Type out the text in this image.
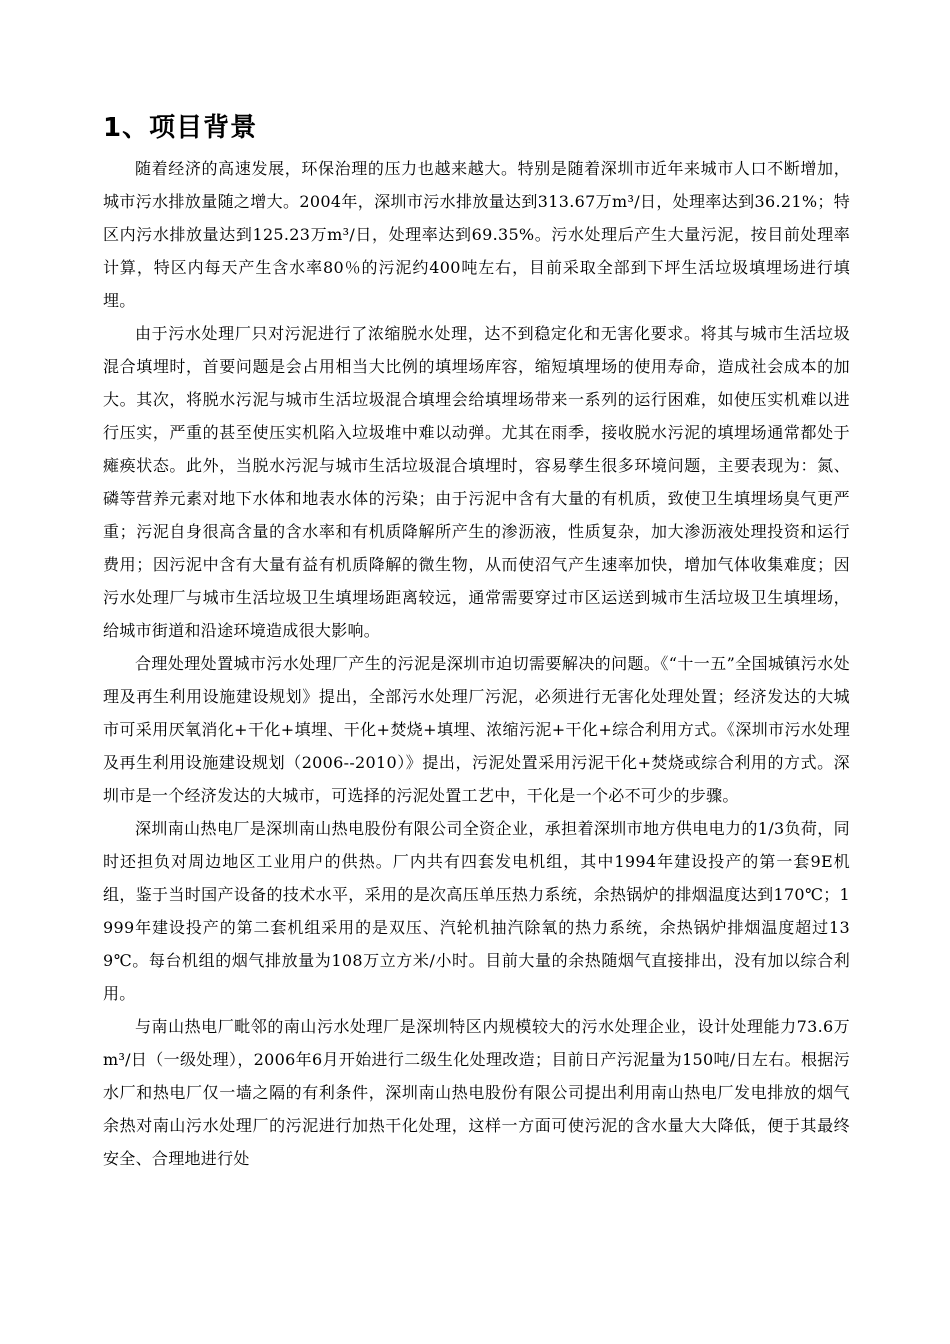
1、项目背景

随着经济的高速发展，环保治理的压力也越来越大。特别是随着深圳市近年来城市人口不断增加，城市污水排放量随之增大。2004年，深圳市污水排放量达到313.67万m³/日，处理率达到36.21%；特区内污水排放量达到125.23万m³/日，处理率达到69.35%。污水处理后产生大量污泥，按目前处理率计算，特区内每天产生含水率80％的污泥约400吨左右，目前采取全部到下坪生活垃圾填埋场进行填埋。

由于污水处理厂只对污泥进行了浓缩脱水处理，达不到稳定化和无害化要求。将其与城市生活垃圾混合填埋时，首要问题是会占用相当大比例的填埋场库容，缩短填埋场的使用寿命，造成社会成本的加大。其次，将脱水污泥与城市生活垃圾混合填埋会给填埋场带来一系列的运行困难，如使压实机难以进行压实，严重的甚至使压实机陷入垃圾堆中难以动弹。尤其在雨季，接收脱水污泥的填埋场通常都处于瘫痪状态。此外，当脱水污泥与城市生活垃圾混合填埋时，容易孳生很多环境问题，主要表现为：氮、磷等营养元素对地下水体和地表水体的污染；由于污泥中含有大量的有机质，致使卫生填埋场臭气更严重；污泥自身很高含量的含水率和有机质降解所产生的渗沥液，性质复杂，加大渗沥液处理投资和运行费用；因污泥中含有大量有益有机质降解的微生物，从而使沼气产生速率加快，增加气体收集难度；因污水处理厂与城市生活垃圾卫生填埋场距离较远，通常需要穿过市区运送到城市生活垃圾卫生填埋场，给城市街道和沿途环境造成很大影响。

合理处理处置城市污水处理厂产生的污泥是深圳市迫切需要解决的问题。《“十一五”全国城镇污水处理及再生利用设施建设规划》提出，全部污水处理厂污泥，必须进行无害化处理处置；经济发达的大城市可采用厌氧消化+干化+填埋、干化+焚烧+填埋、浓缩污泥+干化+综合利用方式。《深圳市污水处理及再生利用设施建设规划（2006--2010）》提出，污泥处置采用污泥干化+焚烧或综合利用的方式。深圳市是一个经济发达的大城市，可选择的污泥处置工艺中，干化是一个必不可少的步骤。

深圳南山热电厂是深圳南山热电股份有限公司全资企业，承担着深圳市地方供电电力的1/3负荷，同时还担负对周边地区工业用户的供热。厂内共有四套发电机组，其中1994年建设投产的第一套9E机组，鉴于当时国产设备的技术水平，采用的是次高压单压热力系统，余热锅炉的排烟温度达到170℃；1999年建设投产的第二套机组采用的是双压、汽轮机抽汽除氧的热力系统，余热锅炉排烟温度超过139℃。每台机组的烟气排放量为108万立方米/小时。目前大量的余热随烟气直接排出，没有加以综合利用。

与南山热电厂毗邻的南山污水处理厂是深圳特区内规模较大的污水处理企业，设计处理能力73.6万m³/日（一级处理），2006年6月开始进行二级生化处理改造；目前日产污泥量为150吨/日左右。根据污水厂和热电厂仅一墙之隔的有利条件，深圳南山热电股份有限公司提出利用南山热电厂发电排放的烟气余热对南山污水处理厂的污泥进行加热干化处理，这样一方面可使污泥的含水量大大降低，便于其最终安全、合理地进行处
